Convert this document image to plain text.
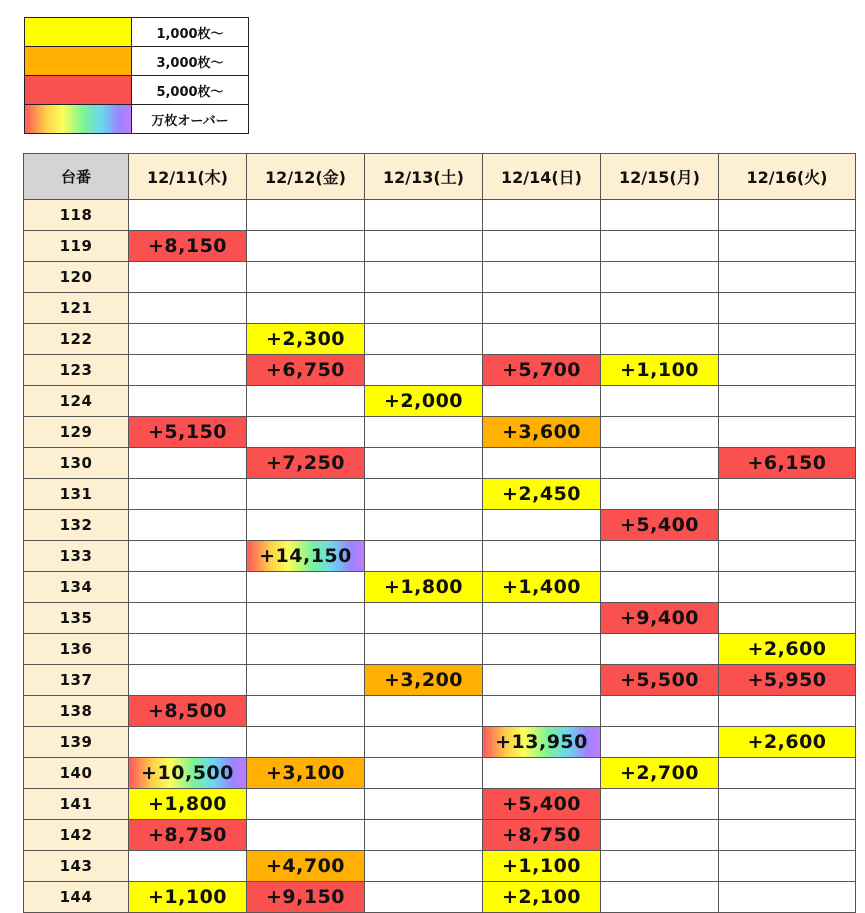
	1,000枚〜
	3,000枚〜
	5,000枚〜
	万枚オーバー
台番	12/11(木)	12/12(金)	12/13(土)	12/14(日)	12/15(月)	12/16(火)
118						
119	+8,150					
120						
121						
122		+2,300				
123		+6,750		+5,700	+1,100	
124			+2,000			
129	+5,150			+3,600		
130		+7,250				+6,150
131				+2,450		
132					+5,400	
133		+14,150				
134			+1,800	+1,400		
135					+9,400	
136						+2,600
137			+3,200		+5,500	+5,950
138	+8,500					
139				+13,950		+2,600
140	+10,500	+3,100			+2,700	
141	+1,800			+5,400		
142	+8,750			+8,750		
143		+4,700		+1,100		
144	+1,100	+9,150		+2,100		
